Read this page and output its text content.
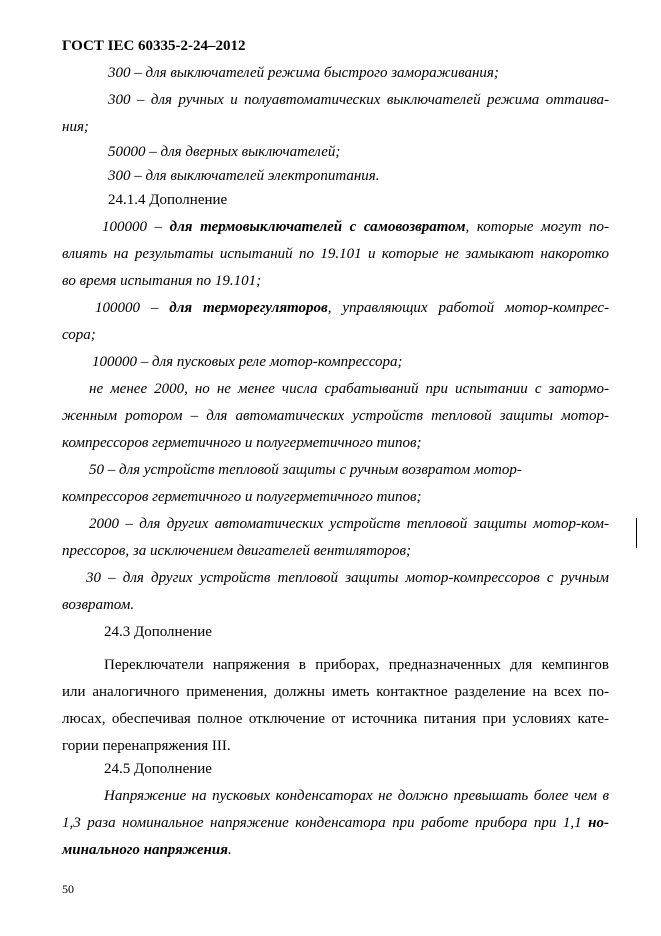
ГОСТ IEC 60335-2-24–2012
300 – для выключателей режима быстрого замораживания;
300 – для ручных и полуавтоматических выключателей режима оттаива-
ния;
50000 – для дверных выключателей;
300 – для выключателей электропитания.
24.1.4 Дополнение
100000 – для термовыключателей с самовозвратом, которые могут по-
влиять на результаты испытаний по 19.101 и которые не замыкают накоротко
во время испытания по 19.101;
100000 – для терморегуляторов, управляющих работой мотор-компрес-
сора;
100000 – для пусковых реле мотор-компрессора;
не менее 2000, но не менее числа срабатываний при испытании с затормо-
женным ротором – для автоматических устройств тепловой защиты мотор-
компрессоров герметичного и полугерметичного типов;
50 – для устройств тепловой защиты с ручным возвратом мотор-
компрессоров герметичного и полугерметичного типов;
2000 – для других автоматических устройств тепловой защиты мотор-ком-
прессоров, за исключением двигателей вентиляторов;
30 – для других устройств тепловой защиты мотор-компрессоров с ручным
возвратом.
24.3 Дополнение
Переключатели напряжения в приборах, предназначенных для кемпингов
или аналогичного применения, должны иметь контактное разделение на всех по-
люсах, обеспечивая полное отключение от источника питания при условиях кате-
гории перенапряжения III.
24.5 Дополнение
Напряжение на пусковых конденсаторах не должно превышать более чем в
1,3 раза номинальное напряжение конденсатора при работе прибора при 1,1 но-
минального напряжения.
50
